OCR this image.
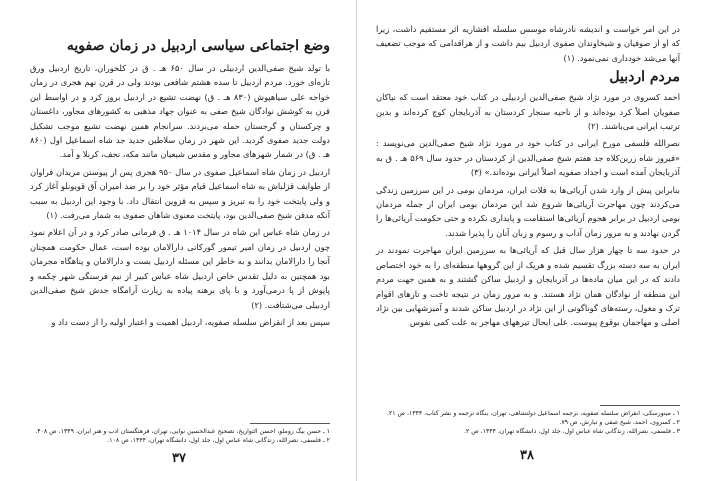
وضع اجتماعی سیاسی اردبیل در زمان صفویه

با تولد شیخ صفی‌الدین اردبیلی در سال ۶۵۰ هـ . ق در کلخوران، تاریخ اردبیل ورق تازه‌ای خورد. مردم اردبیل تا سده هشتم شافعی بودند ولی در قرن نهم هجری در زمان خواجه علی سیاهپوش (۸۳۰ هـ . ق) نهضت تشیع در اردبیل بروز کرد و در اواسط این قرن به کوشش نوادگان شیخ صفی به عنوان جهاد مذهبی به کشورهای مجاور، داغستان و چرکستان و گرجستان حمله می‌بردند. سرانجام همین نهضت تشیع موجب تشکیل دولت جدید صفوی گردید. این شهر در زمان سلاطین جدید جد شاه اسماعیل اول (۸۶۰ هـ . ق) در شمار شهرهای مجاور و مقدس شیعیان مانند مکه، نجف، کربلا و آمد.

اردبیل در زمان شاه اسماعیل صفوی در سال ۹۵۰ هجری پس از پیوستن مریدان فراوان از طوایف قزلباش به شاه اسماعیل قیام مؤثر خود را بر ضد امیران آق قویونلو آغاز کرد و ولی پایتخت خود را به تبریز و سپس به قزوین انتقال داد. با وجود این اردبیل به سبب آنکه مدفن شیخ صفی‌الدین بود، پایتخت معنوی شاهان صفوی به شمار می‌رفت. (۱)

در زمان شاه عباس این شاه در سال ۱۰۱۴ هـ . ق فرمانی صادر کرد و در آن اعلام نمود چون اردبیل در زمان امیر تیمور گورکانی دارالامان بوده است، عمال حکومت همچنان آنجا را دارالامان بدانند و به خاطر این مسئله اردبیل بست و دارالامان و پناهگاه مجرمان بود همچنین به دلیل تقدس خاص اردبیل شاه عباس کبیر از نیم فرسنگی شهر چکمه و پاپوش از پا درمی‌آورد و با پای برهنه پیاده به زیارت آرامگاه جدش شیخ صفی‌الدین اردبیلی می‌شتافت. (۲)

سپس بعد از انقراض سلسله صفویه، اردبیل اهمیت و اعتبار اولیه را از دست داد و

۱ ـ حسن بیگ روملو، احسن التواریخ، تصحیح عبدالحسین نوایی، تهران، فرهنگستان ادب و هنر ایران، ۱۳۴۹، ص ۴۰۸.

۲ ـ فلسفی، نصرالله، زندگانی شاه عباس اول، جلد اول، دانشگاه تهران، ۱۳۴۴، ص ۱۰۸.

۳۷

در این امر خواست و اندیشه نادرشاه موسس سلسله افشاریه اثر مستقیم داشت، زیرا که او از صوفیان و شیخاوندان صفوی اردبیل بیم داشت و از هراقدامی که موجب تضعیف آنها می‌شد خودداری نمی‌نمود. (۱)

مردم اردبیل

احمد کسروی در مورد نژاد شیخ صفی‌الدین اردبیلی در کتاب خود معتقد است که نیاکان صفویان اصلاً کرد بوده‌اند و از ناحیه سنجار کردستان به آذربایجان کوچ کرده‌اند و بدین ترتیب ایرانی می‌باشند. (۲)

نصرالله فلسفی مورخ ایرانی در کتاب خود در مورد نژاد شیخ صفی‌الدین می‌نویسد : «فیروز شاه زرین‌کلاه جد هفتم شیخ صفی‌الدین از کردستان در حدود سال ۵۶۹ هـ . ق به آذربایجان آمده است و اجداد صفویه اصلاً ایرانی بوده‌اند.» (۳)

بنابراین پیش از وارد شدن آریائی‌ها به فلات ایران، مردمان بومی در این سرزمین زندگی می‌کردند چون مهاجرت آریائی‌ها شروع شد این مردمان بومی ایران از جمله مردمان بومی اردبیل در برابر هجوم آریائی‌ها استقامت و پایداری نکرده و حتی حکومت آریائی‌ها را گردن نهادند و به مرور زمان آداب و رسوم و زبان آنان را پذیرا شدند.

در حدود سه تا چهار هزار سال قبل که آریائی‌ها به سرزمین ایران مهاجرت نمودند در ایران به سه دسته بزرگ تقسیم شده و هریک از این گروهها منطقه‌ای را به خود اختصاص دادند که در این میان ماده‌ها در آذربایجان و اردبیل ساکن گشتند و به همین جهت مردم این منطقه از نوادگان همان نژاد هستند. و به مرور زمان در نتیجه تاخت و تازهای اقوام ترک و مغول، رسته‌های گوناگونی از این نژاد در اردبیل ساکن شدند و آمیزشهایی بین نژاد اصلی و مهاجمان بوقوع پیوست. علی ایحال تیرههای مهاجر به علت کمی نفوس

۱ ـ مینورسکی، انقراض سلسله صفویه، ترجمه اسماعیل دولتشاهی، تهران، بنگاه ترجمه و نشر کتاب، ۱۳۴۴، ص ۲۱.

۲ ـ کسروی، احمد، شیخ صفی و تبارش، ص ۷۹.

۳ ـ فلسفی، نصرالله، زندگانی شاه عباس اول، جلد اول، دانشگاه تهران، ۱۳۴۴، ص ۲.

۳۸
